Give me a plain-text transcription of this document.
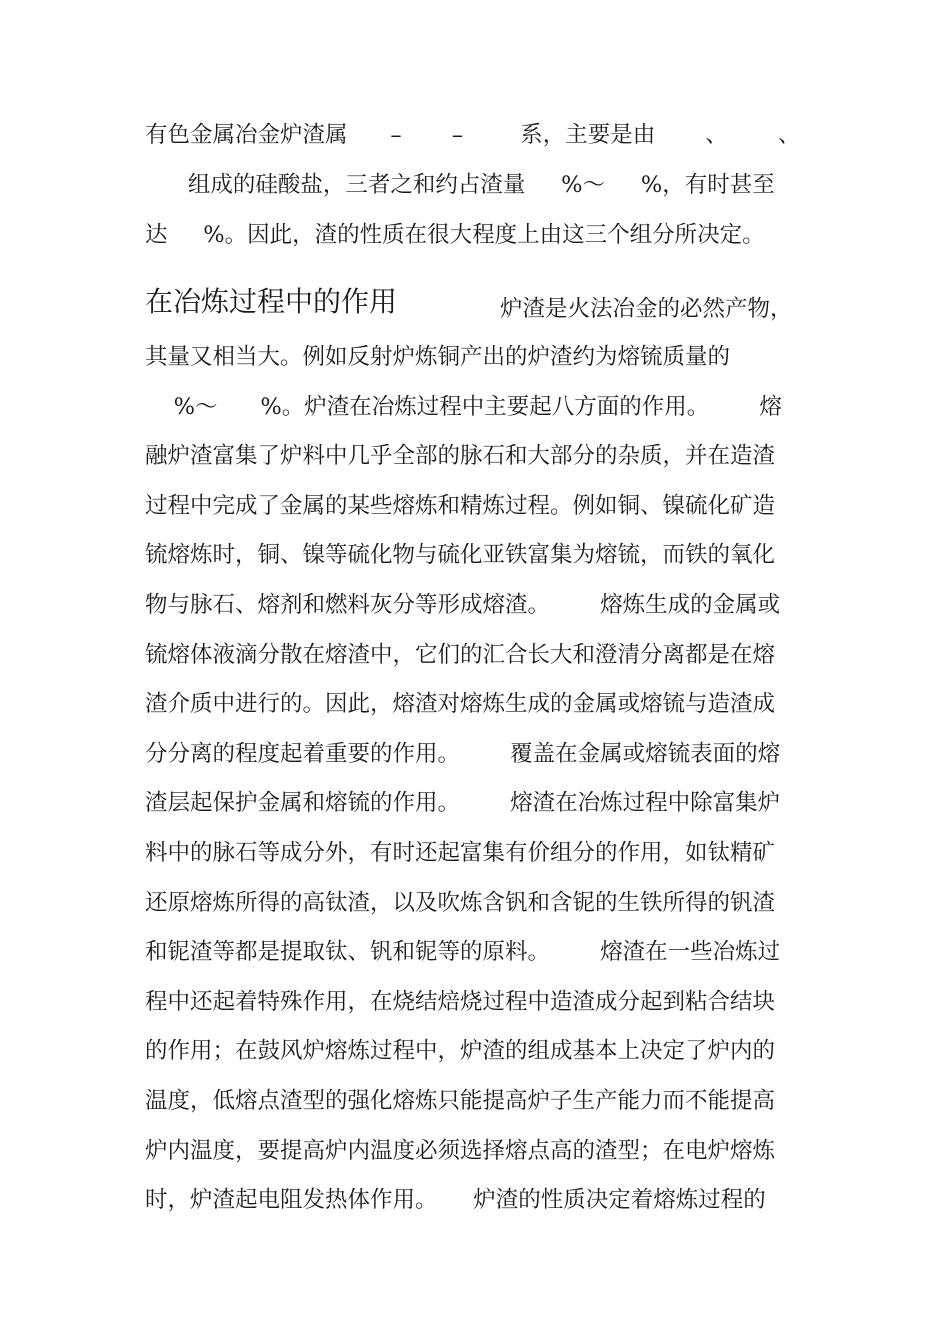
有色金属冶金炉渣属      –       –        系，主要是由       、       、
组成的硅酸盐，三者之和约占渣量     %～     %，有时甚至
达     %。因此，渣的性质在很大程度上由这三个组分所决定。
在冶炼过程中的作用	炉渣是火法冶金的必然产物，
其量又相当大。例如反射炉炼铜产出的炉渣约为熔锍质量的
%～      %。炉渣在冶炼过程中主要起八方面的作用。       熔
融炉渣富集了炉料中几乎全部的脉石和大部分的杂质，并在造渣
过程中完成了金属的某些熔炼和精炼过程。例如铜、镍硫化矿造
锍熔炼时，铜、镍等硫化物与硫化亚铁富集为熔锍，而铁的氧化
物与脉石、熔剂和燃料灰分等形成熔渣。       熔炼生成的金属或
锍熔体液滴分散在熔渣中，它们的汇合长大和澄清分离都是在熔
渣介质中进行的。因此，熔渣对熔炼生成的金属或熔锍与造渣成
分分离的程度起着重要的作用。       覆盖在金属或熔锍表面的熔
渣层起保护金属和熔锍的作用。       熔渣在冶炼过程中除富集炉
料中的脉石等成分外，有时还起富集有价组分的作用，如钛精矿
还原熔炼所得的高钛渣，以及吹炼含钒和含铌的生铁所得的钒渣
和铌渣等都是提取钛、钒和铌等的原料。       熔渣在一些冶炼过
程中还起着特殊作用，在烧结焙烧过程中造渣成分起到粘合结块
的作用；在鼓风炉熔炼过程中，炉渣的组成基本上决定了炉内的
温度，低熔点渣型的强化熔炼只能提高炉子生产能力而不能提高
炉内温度，要提高炉内温度必须选择熔点高的渣型；在电炉熔炼
时，炉渣起电阻发热体作用。     炉渣的性质决定着熔炼过程的
